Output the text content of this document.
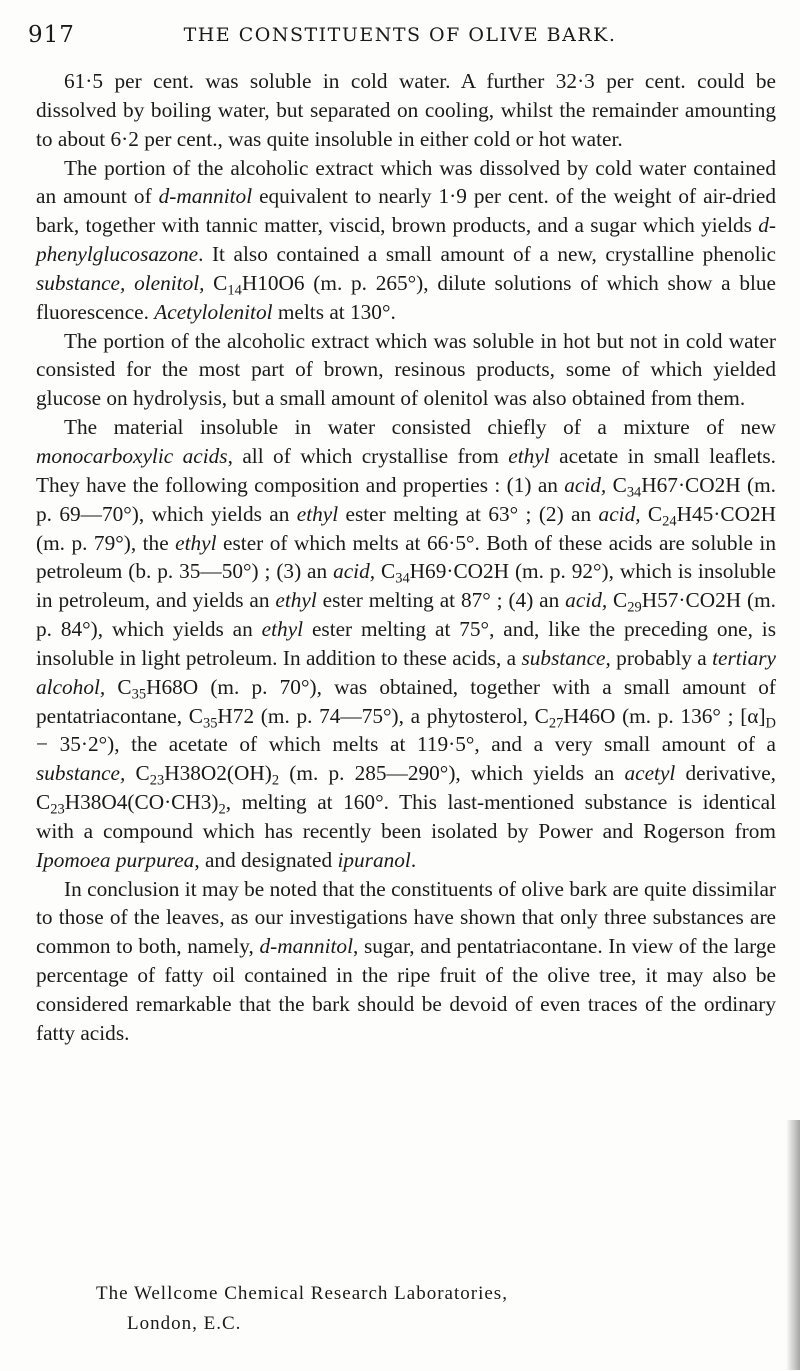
917	THE CONSTITUENTS OF OLIVE BARK.

61·5 per cent. was soluble in cold water. A further 32·3 per cent. could be dissolved by boiling water, but separated on cooling, whilst the remainder amounting to about 6·2 per cent., was quite insoluble in either cold or hot water.

The portion of the alcoholic extract which was dissolved by cold water contained an amount of d-mannitol equivalent to nearly 1·9 per cent. of the weight of air-dried bark, together with tannic matter, viscid, brown products, and a sugar which yields d-phenylglucosazone. It also contained a small amount of a new, crystalline phenolic substance, olenitol, $C_{14}H10O6$ (m. p. 265°), dilute solutions of which show a blue fluorescence. Acetylolenitol melts at 130°.

The portion of the alcoholic extract which was soluble in hot but not in cold water consisted for the most part of brown, resinous products, some of which yielded glucose on hydrolysis, but a small amount of olenitol was also obtained from them.

The material insoluble in water consisted chiefly of a mixture of new monocarboxylic acids, all of which crystallise from ethyl acetate in small leaflets. They have the following composition and properties : (1) an acid, $C_{34}H67\cdot CO2H$ (m. p. 69—70°), which yields an ethyl ester melting at 63° ; (2) an acid, $C_{24}H45\cdot CO2H$ (m. p. 79°), the ethyl ester of which melts at 66·5°. Both of these acids are soluble in petroleum (b. p. 35—50°) ; (3) an acid, $C_{34}H69\cdot CO2H$ (m. p. 92°), which is insoluble in petroleum, and yields an ethyl ester melting at 87° ; (4) an acid, $C_{29}H57\cdot CO2H$ (m. p. 84°), which yields an ethyl ester melting at 75°, and, like the preceding one, is insoluble in light petroleum. In addition to these acids, a substance, probably a tertiary alcohol, $C_{35}H68O$ (m. p. 70°), was obtained, together with a small amount of pentatriacontane, $C_{35}H72$ (m. p. 74—75°), a phytosterol, $C_{27}H46O$ (m. p. 136° ; $[\alpha]_D - 35\cdot 2^\circ$), the acetate of which melts at 119·5°, and a very small amount of a substance, $C_{23}H38O2(OH)_2$ (m. p. 285—290°), which yields an acetyl derivative, $C_{23}H38O4(CO\cdot CH3)_2$, melting at 160°. This last-mentioned substance is identical with a compound which has recently been isolated by Power and Rogerson from Ipomoea purpurea, and designated ipuranol.

In conclusion it may be noted that the constituents of olive bark are quite dissimilar to those of the leaves, as our investigations have shown that only three substances are common to both, namely, d-mannitol, sugar, and pentatriacontane. In view of the large percentage of fatty oil contained in the ripe fruit of the olive tree, it may also be considered remarkable that the bark should be devoid of even traces of the ordinary fatty acids.

The Wellcome Chemical Research Laboratories,
London, E.C.
